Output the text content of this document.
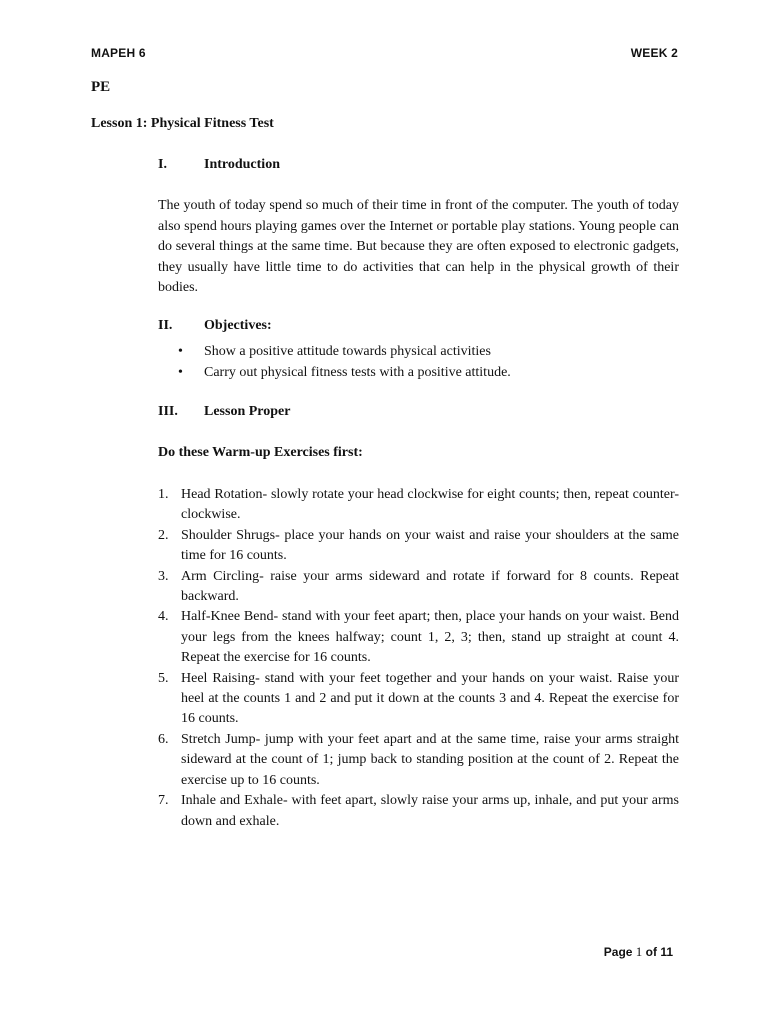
MAPEH 6	WEEK 2
PE
Lesson 1: Physical Fitness Test
I.	Introduction
The youth of today spend so much of their time in front of the computer. The youth of today also spend hours playing games over the Internet or portable play stations. Young people can do several things at the same time. But because they are often exposed to electronic gadgets, they usually have little time to do activities that can help in the physical growth of their bodies.
II. Objectives:
• Show a positive attitude towards physical activities
• Carry out physical fitness tests with a positive attitude.
III. Lesson Proper
Do these Warm-up Exercises first:
1. Head Rotation- slowly rotate your head clockwise for eight counts; then, repeat counter-clockwise.
2. Shoulder Shrugs- place your hands on your waist and raise your shoulders at the same time for 16 counts.
3. Arm Circling- raise your arms sideward and rotate if forward for 8 counts. Repeat backward.
4. Half-Knee Bend- stand with your feet apart; then, place your hands on your waist. Bend your legs from the knees halfway; count 1, 2, 3; then, stand up straight at count 4. Repeat the exercise for 16 counts.
5. Heel Raising- stand with your feet together and your hands on your waist. Raise your heel at the counts 1 and 2 and put it down at the counts 3 and 4. Repeat the exercise for 16 counts.
6. Stretch Jump- jump with your feet apart and at the same time, raise your arms straight sideward at the count of 1; jump back to standing position at the count of 2. Repeat the exercise up to 16 counts.
7. Inhale and Exhale- with feet apart, slowly raise your arms up, inhale, and put your arms down and exhale.
Page 1 of 11
